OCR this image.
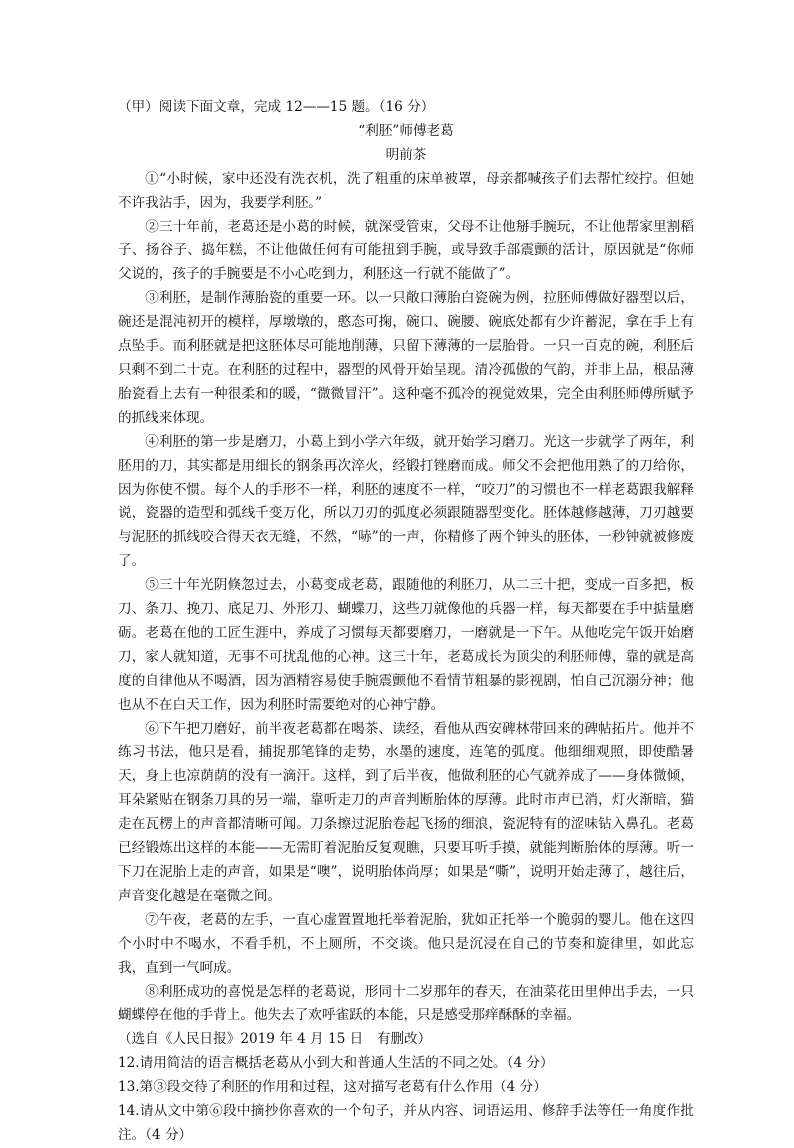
（甲）阅读下面文章，完成 12——15 题。（16 分）

“利胚”师傅老葛

明前茶

①“小时候，家中还没有洗衣机，洗了粗重的床单被罩，母亲都喊孩子们去帮忙绞拧。但她不许我沾手，因为，我要学利胚。”

②三十年前，老葛还是小葛的时候，就深受管束，父母不让他掰手腕玩，不让他帮家里割稻子、扬谷子、捣年糕，不让他做任何有可能扭到手腕，或导致手部震颤的活计，原因就是“你师父说的，孩子的手腕要是不小心吃到力，利胚这一行就不能做了”。

③利胚，是制作薄胎瓷的重要一环。以一只敞口薄胎白瓷碗为例，拉胚师傅做好器型以后，碗还是混沌初开的模样，厚墩墩的，憨态可掬，碗口、碗腰、碗底处都有少许蓄泥，拿在手上有点坠手。而利胚就是把这胚体尽可能地削薄，只留下薄薄的一层胎骨。一只一百克的碗，利胚后只剩不到二十克。在利胚的过程中，器型的风骨开始呈现。清冷孤傲的气韵，并非上品，根品薄胎瓷看上去有一种很柔和的暖，“微微冒汗”。这种毫不孤冷的视觉效果，完全由利胚师傅所赋予的抓线来体现。

④利胚的第一步是磨刀，小葛上到小学六年级，就开始学习磨刀。光这一步就学了两年，利胚用的刀，其实都是用细长的钢条再次淬火，经锻打锉磨而成。师父不会把他用熟了的刀给你，因为你使不惯。每个人的手形不一样，利胚的速度不一样，“咬刀”的习惯也不一样老葛跟我解释说，瓷器的造型和弧线千变万化，所以刀刃的弧度必须跟随器型变化。胚体越修越薄，刀刃越要与泥胚的抓线咬合得天衣无缝，不然，“哧”的一声，你精修了两个钟头的胚体，一秒钟就被修废了。

⑤三十年光阴倏忽过去，小葛变成老葛，跟随他的利胚刀，从二三十把，变成一百多把，板刀、条刀、挽刀、底足刀、外形刀、蝴蝶刀，这些刀就像他的兵器一样，每天都要在手中掂量磨砺。老葛在他的工匠生涯中，养成了习惯每天都要磨刀，一磨就是一下午。从他吃完午饭开始磨刀，家人就知道，无事不可扰乱他的心神。这三十年，老葛成长为顶尖的利胚师傅，靠的就是高度的自律他从不喝酒，因为酒精容易使手腕震颤他不看情节粗暴的影视剧，怕自己沉溺分神；他也从不在白天工作，因为利胚时需要绝对的心神宁静。

⑥下午把刀磨好，前半夜老葛都在喝茶、读经，看他从西安碑林带回来的碑帖拓片。他并不练习书法，他只是看，捕捉那笔锋的走势，水墨的速度，连笔的弧度。他细细观照，即使酷暑天，身上也凉荫荫的没有一滴汗。这样，到了后半夜，他做利胚的心气就养成了——身体微倾，耳朵紧贴在钢条刀具的另一端，靠听走刀的声音判断胎体的厚薄。此时市声已消，灯火渐暗，猫走在瓦楞上的声音都清晰可闻。刀条擦过泥胎卷起飞扬的细浪，瓷泥特有的涩味钻入鼻孔。老葛已经锻炼出这样的本能——无需盯着泥胎反复观瞧，只要耳听手摸，就能判断胎体的厚薄。听一下刀在泥胎上走的声音，如果是“噢”，说明胎体尚厚；如果是“嘶”，说明开始走薄了，越往后，声音变化越是在毫微之间。

⑦午夜，老葛的左手，一直心虚置置地托举着泥胎，犹如正托举一个脆弱的婴儿。他在这四个小时中不喝水，不看手机，不上厕所，不交谈。他只是沉浸在自己的节奏和旋律里，如此忘我，直到一气呵成。

⑧利胚成功的喜悦是怎样的老葛说，形同十二岁那年的春天，在油菜花田里伸出手去，一只蝴蝶停在他的手背上。他失去了欢呼雀跃的本能，只是感受那痒酥酥的幸福。

（选自《人民日报》2019 年 4 月 15 日　有删改）

12.请用简洁的语言概括老葛从小到大和普通人生活的不同之处。（4 分）

13.第③段交待了利胚的作用和过程，这对描写老葛有什么作用（4 分）

14.请从文中第⑥段中摘抄你喜欢的一个句子，并从内容、词语运用、修辞手法等任一角度作批注。（4 分）
